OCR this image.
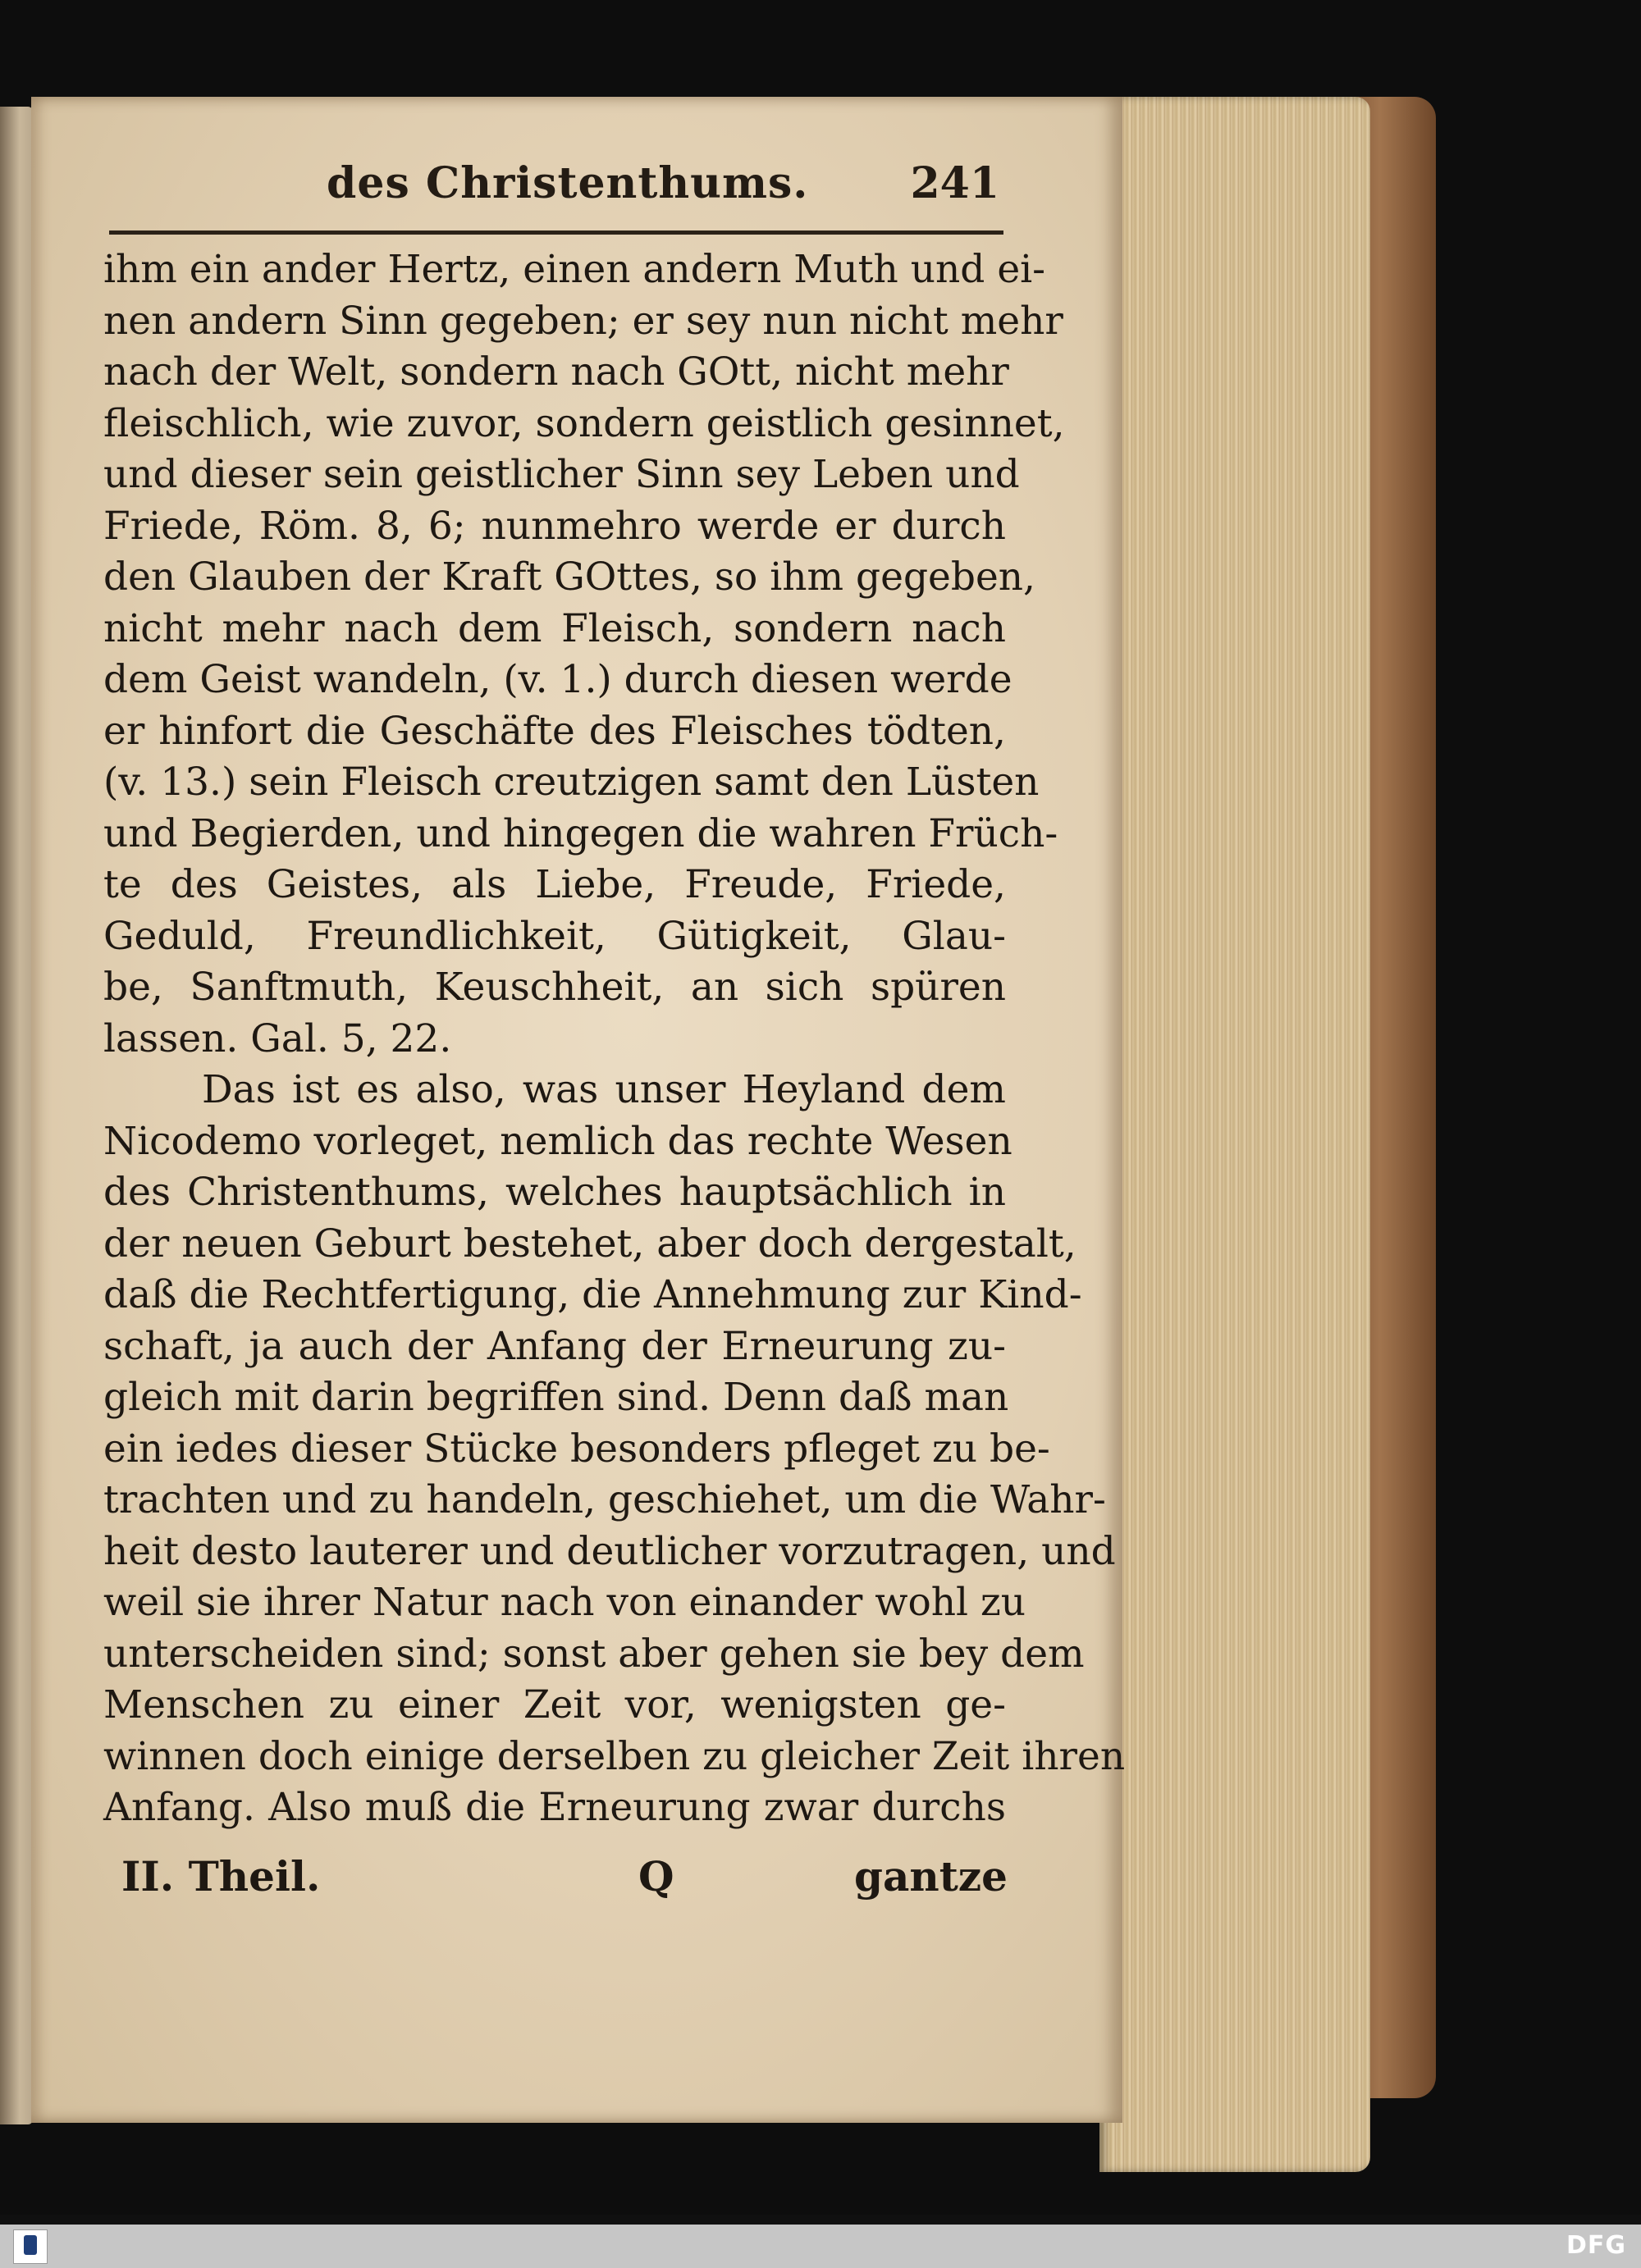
des Christenthums. 241
ihm ein ander Hertz, einen andern Muth und ei-
nen andern Sinn gegeben; er sey nun nicht mehr
nach der Welt, sondern nach GOtt, nicht mehr
fleischlich, wie zuvor, sondern geistlich gesinnet,
und dieser sein geistlicher Sinn sey Leben und
Friede, Röm. 8, 6; nunmehro werde er durch
den Glauben der Kraft GOttes, so ihm gegeben,
nicht mehr nach dem Fleisch, sondern nach
dem Geist wandeln, (v. 1.) durch diesen werde
er hinfort die Geschäfte des Fleisches tödten,
(v. 13.) sein Fleisch creutzigen samt den Lüsten
und Begierden, und hingegen die wahren Früch-
te des Geistes, als Liebe, Freude, Friede,
Geduld, Freundlichkeit, Gütigkeit, Glau-
be, Sanftmuth, Keuschheit, an sich spüren
lassen. Gal. 5, 22.
Das ist es also, was unser Heyland dem
Nicodemo vorleget, nemlich das rechte Wesen
des Christenthums, welches hauptsächlich in
der neuen Geburt bestehet, aber doch dergestalt,
daß die Rechtfertigung, die Annehmung zur Kind-
schaft, ja auch der Anfang der Erneurung zu-
gleich mit darin begriffen sind. Denn daß man
ein iedes dieser Stücke besonders pfleget zu be-
trachten und zu handeln, geschiehet, um die Wahr-
heit desto lauterer und deutlicher vorzutragen, und
weil sie ihrer Natur nach von einander wohl zu
unterscheiden sind; sonst aber gehen sie bey dem
Menschen zu einer Zeit vor, wenigsten ge-
winnen doch einige derselben zu gleicher Zeit ihren
Anfang. Also muß die Erneurung zwar durchs
II. Theil.	Q	gantze
DFG
